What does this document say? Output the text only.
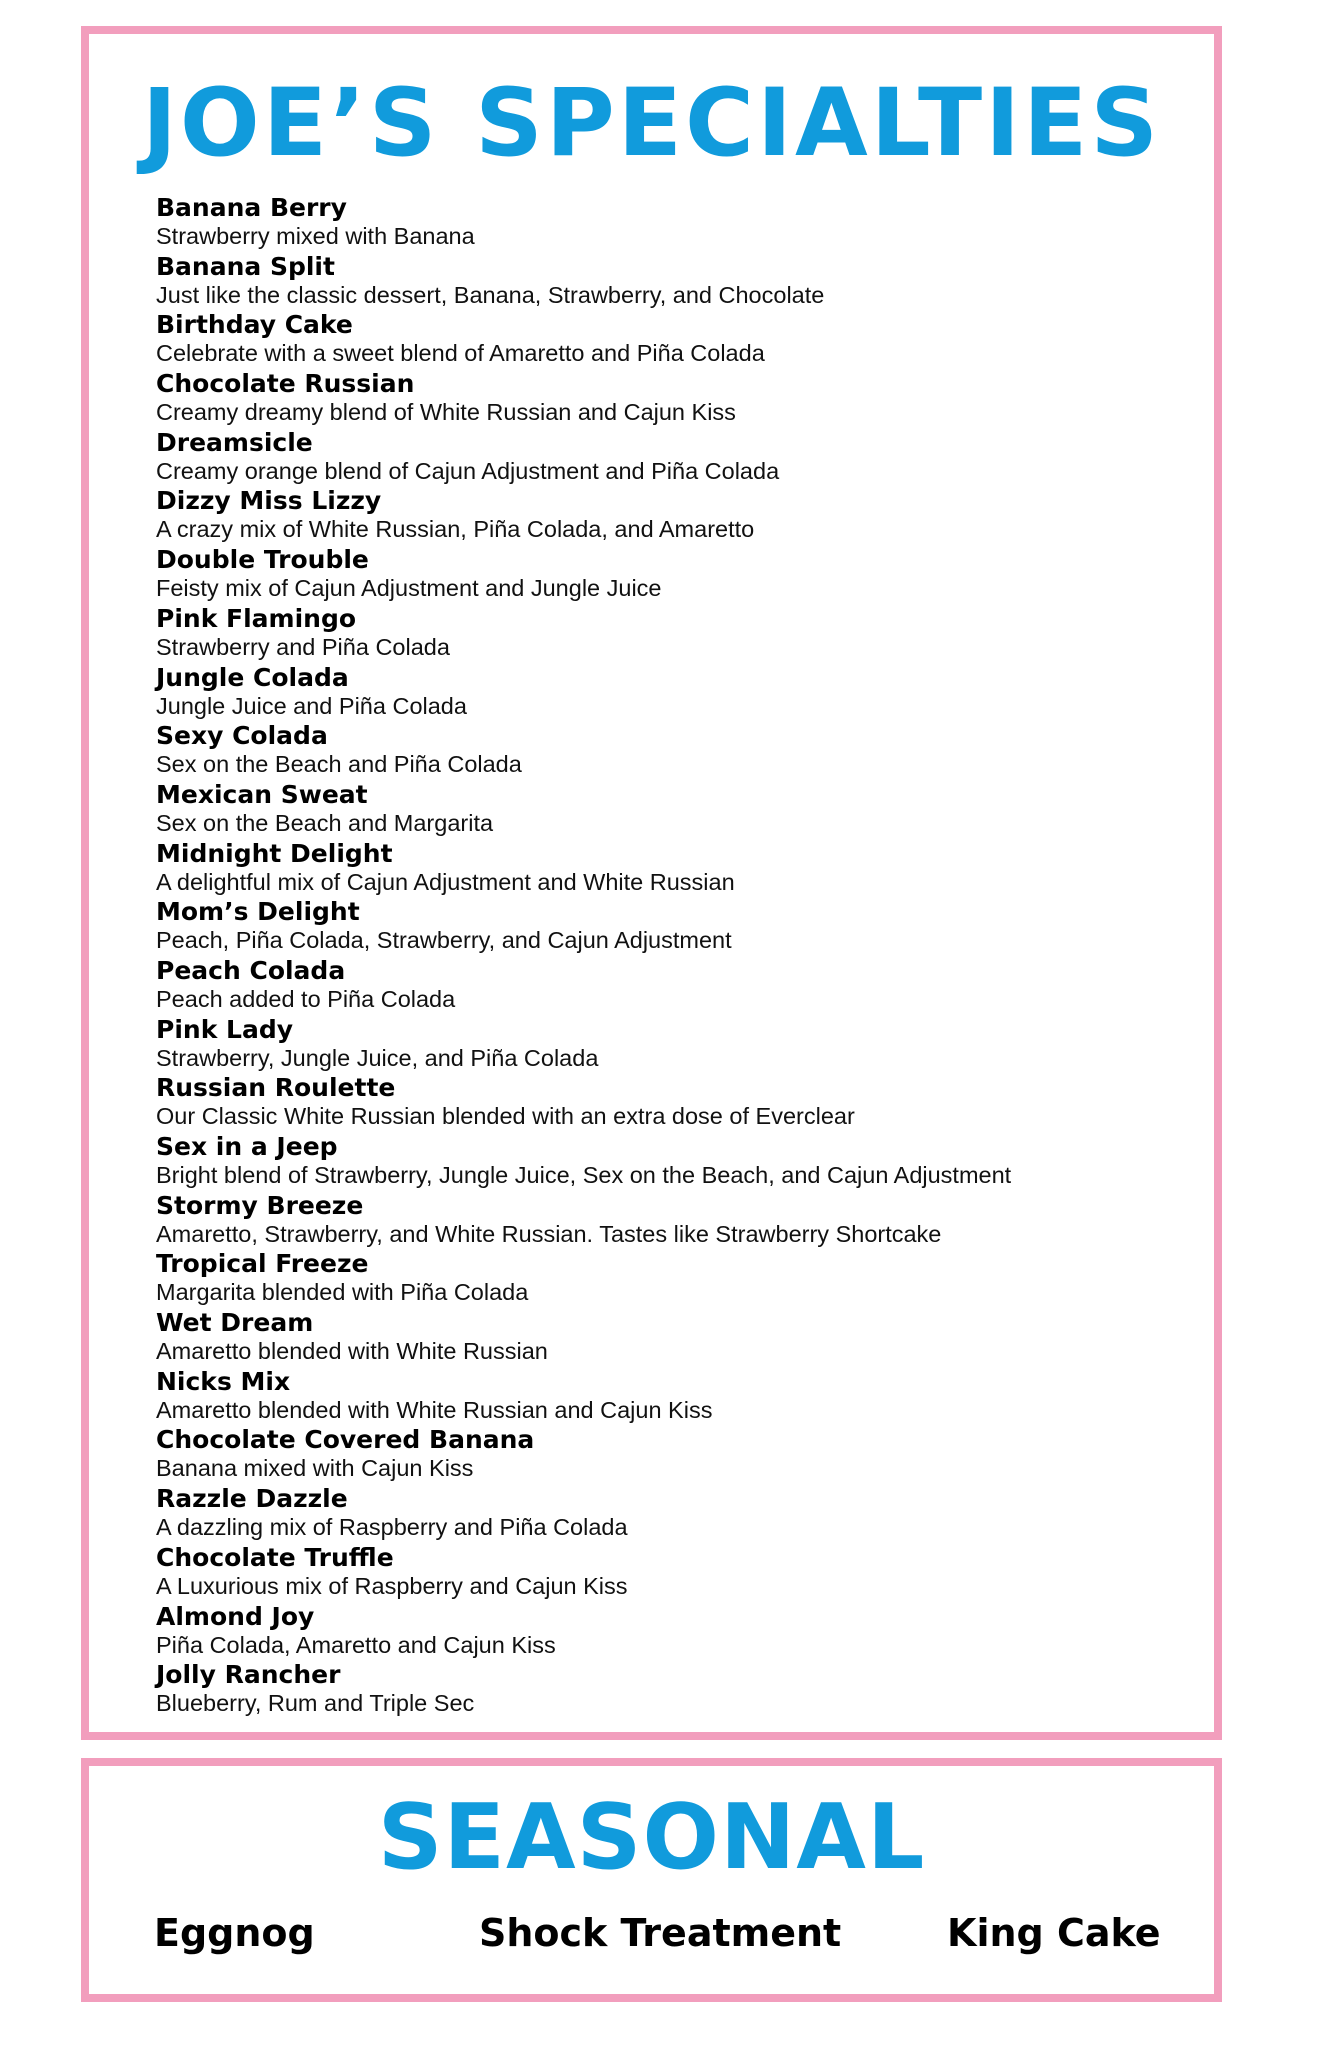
JOE’S SPECIALTIES
Banana Berry
Strawberry mixed with Banana
Banana Split
Just like the classic dessert, Banana, Strawberry, and Chocolate
Birthday Cake
Celebrate with a sweet blend of Amaretto and Piña Colada
Chocolate Russian
Creamy dreamy blend of White Russian and Cajun Kiss
Dreamsicle
Creamy orange blend of Cajun Adjustment and Piña Colada
Dizzy Miss Lizzy
A crazy mix of White Russian, Piña Colada, and Amaretto
Double Trouble
Feisty mix of Cajun Adjustment and Jungle Juice
Pink Flamingo
Strawberry and Piña Colada
Jungle Colada
Jungle Juice and Piña Colada
Sexy Colada
Sex on the Beach and Piña Colada
Mexican Sweat
Sex on the Beach and Margarita
Midnight Delight
A delightful mix of Cajun Adjustment and White Russian
Mom’s Delight
Peach, Piña Colada, Strawberry, and Cajun Adjustment
Peach Colada
Peach added to Piña Colada
Pink Lady
Strawberry, Jungle Juice, and Piña Colada
Russian Roulette
Our Classic White Russian blended with an extra dose of Everclear
Sex in a Jeep
Bright blend of Strawberry, Jungle Juice, Sex on the Beach, and Cajun Adjustment
Stormy Breeze
Amaretto, Strawberry, and White Russian. Tastes like Strawberry Shortcake
Tropical Freeze
Margarita blended with Piña Colada
Wet Dream
Amaretto blended with White Russian
Nicks Mix
Amaretto blended with White Russian and Cajun Kiss
Chocolate Covered Banana
Banana mixed with Cajun Kiss
Razzle Dazzle
A dazzling mix of Raspberry and Piña Colada
Chocolate Truffle
A Luxurious mix of Raspberry and Cajun Kiss
Almond Joy
Piña Colada, Amaretto and Cajun Kiss
Jolly Rancher
Blueberry, Rum and Triple Sec
SEASONAL
Eggnog	Shock Treatment	King Cake
